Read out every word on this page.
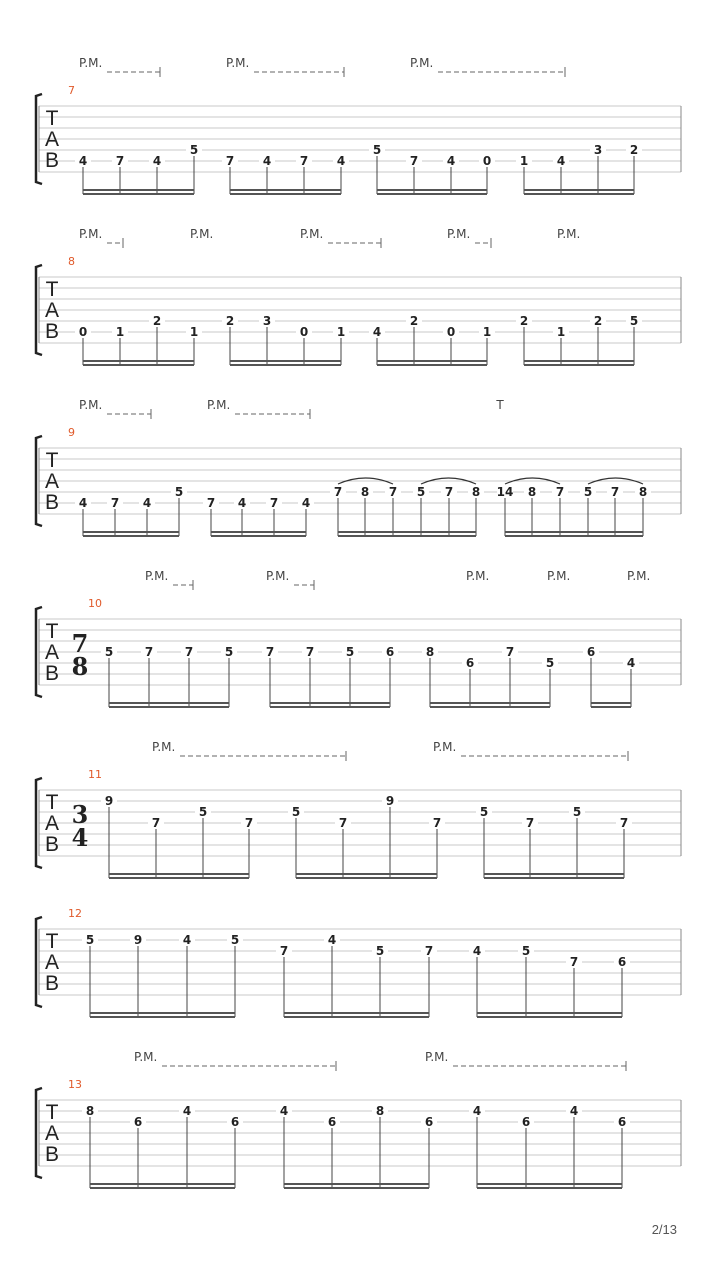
T
A
B
7
P.M.	P.M.	P.M.
4 7 4
5
7 4 7 4
5
7 4 0 1 4
3 2
T
A
B
8
P.M.	P.M.	P.M.	P.M.	P.M.
0 1
2
1
2 3
0 1 4
2
0 1
2
1
2 5
T
A
B
9
P.M.	P.M.	T
4 7 4
5
7 4 7 4
7 8 7 5 7 8 14 8 7 5 7 8
T
A
B
10
7
8
P.M.	P.M.	P.M.	P.M.	P.M.
5	7	7	5	7	7	5	6	8
6
7
5
6
4
T
A
B
11
3
4
P.M.	P.M.
9
7
5
7
5
7
9
7
5
7
5
7
T
A
B
12
5	9	4	5
7
4
5	7	4	5
7	6
T
A
B
13
P.M.	P.M.
8
6
4
6
4
6
8
6
4
6
4
6
2/13
